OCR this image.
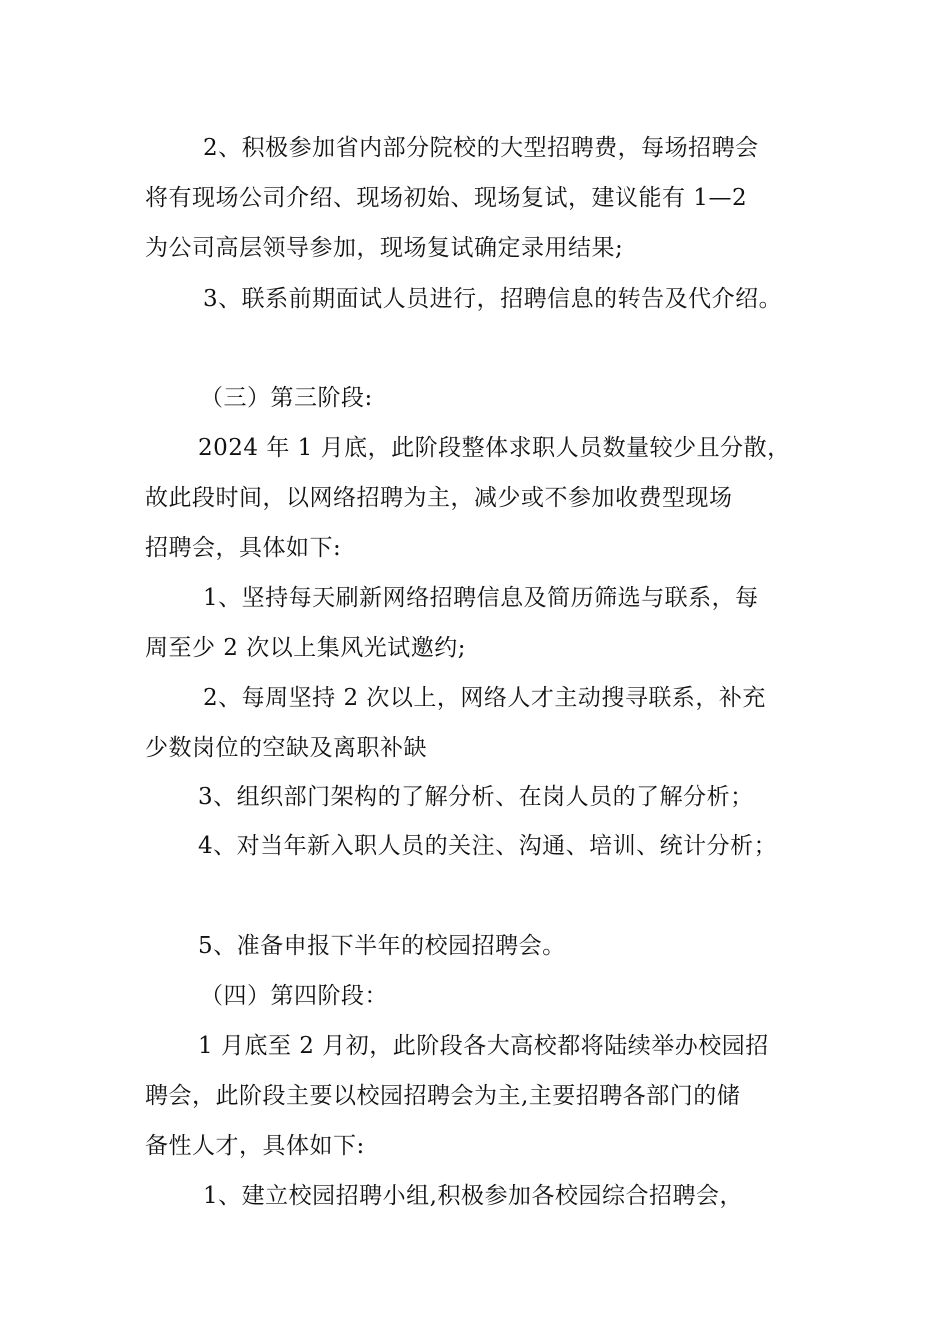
2、积极参加省内部分院校的大型招聘费，每场招聘会
将有现场公司介绍、现场初始、现场复试，建议能有 1—2
为公司高层领导参加，现场复试确定录用结果;
3、联系前期面试人员进行，招聘信息的转告及代介绍。
（三）第三阶段:
2024 年 1 月底，此阶段整体求职人员数量较少且分散，
故此段时间，以网络招聘为主，减少或不参加收费型现场
招聘会，具体如下:
1、坚持每天刷新网络招聘信息及简历筛选与联系，每
周至少 2 次以上集风光试邀约;
2、每周坚持 2 次以上，网络人才主动搜寻联系，补充
少数岗位的空缺及离职补缺
3、组织部门架构的了解分析、在岗人员的了解分析；
4、对当年新入职人员的关注、沟通、培训、统计分析；
5、准备申报下半年的校园招聘会。
（四）第四阶段：
1 月底至 2 月初，此阶段各大高校都将陆续举办校园招
聘会，此阶段主要以校园招聘会为主,主要招聘各部门的储
备性人才，具体如下:
1、建立校园招聘小组,积极参加各校园综合招聘会，
